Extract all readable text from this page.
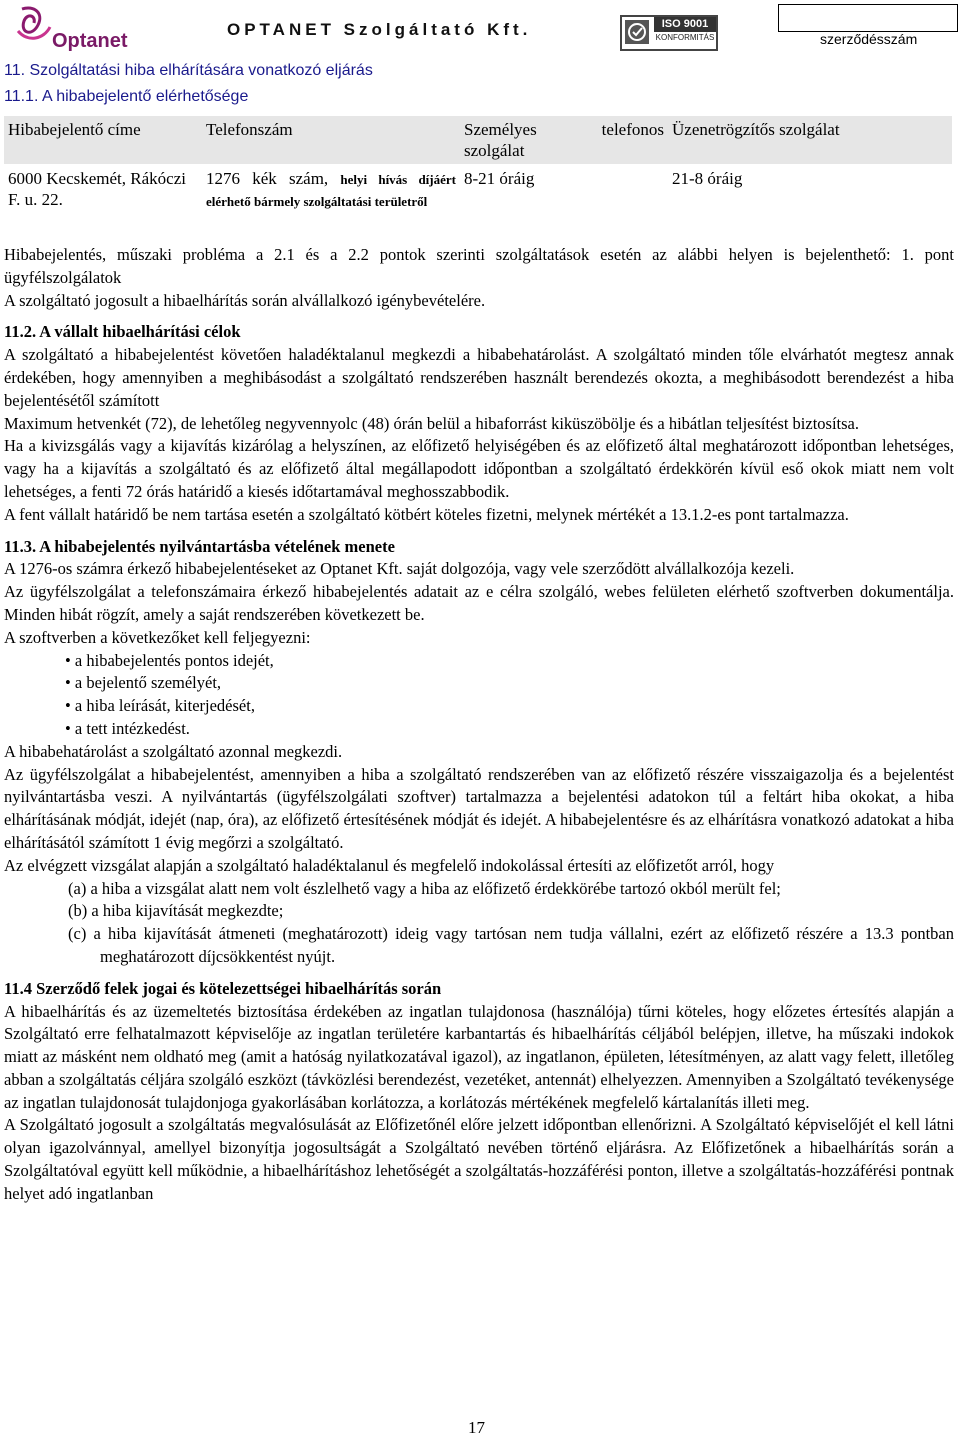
Optanet
OPTANET Szolgáltató Kft.	ISO 9001
KONFORMITÁS	szerződésszám
11. Szolgáltatási hiba elhárítására vonatkozó eljárás
11.1. A hibabejelentő elérhetősége
Hibabejelentő címe	Telefonszám	Személyes telefonos szolgálat	Üzenetrögzítős szolgálat
6000 Kecskemét, Rákóczi F. u. 22.	1276 kék szám, helyi hívás díjáért elérhető bármely szolgáltatási területről	8-21 óráig	21-8 óráig

Hibabejelentés, műszaki probléma a 2.1 és a 2.2 pontok szerinti szolgáltatások esetén az alábbi helyen is bejelenthető: 1. pont ügyfélszolgálatok

A szolgáltató jogosult a hibaelhárítás során alvállalkozó igénybevételére.

11.2. A vállalt hibaelhárítási célok

A szolgáltató a hibabejelentést követően haladéktalanul megkezdi a hibabehatárolást. A szolgáltató minden tőle elvárhatót megtesz annak érdekében, hogy amennyiben a meghibásodást a szolgáltató rendszerében használt berendezés okozta, a meghibásodott berendezést a hiba bejelentésétől számított

Maximum hetvenkét (72), de lehetőleg negyvennyolc (48) órán belül a hibaforrást kiküszöbölje és a hibátlan teljesítést biztosítsa.

Ha a kivizsgálás vagy a kijavítás kizárólag a helyszínen, az előfizető helyiségében és az előfizető által meghatározott időpontban lehetséges, vagy ha a kijavítás a szolgáltató és az előfizető által megállapodott időpontban a szolgáltató érdekkörén kívül eső okok miatt nem volt lehetséges, a fenti 72 órás határidő a kiesés időtartamával meghosszabbodik.

A fent vállalt határidő be nem tartása esetén a szolgáltató kötbért köteles fizetni, melynek mértékét a 13.1.2-es pont tartalmazza.

11.3. A hibabejelentés nyilvántartásba vételének menete

A 1276-os számra érkező hibabejelentéseket az Optanet Kft. saját dolgozója, vagy vele szerződött alvállalkozója kezeli.

Az ügyfélszolgálat a telefonszámaira érkező hibabejelentés adatait az e célra szolgáló, webes felületen elérhető szoftverben dokumentálja. Minden hibát rögzít, amely a saját rendszerében következett be.

A szoftverben a következőket kell feljegyezni:

• a hibabejelentés pontos idejét,
• a bejelentő személyét,
• a hiba leírását, kiterjedését,
• a tett intézkedést.

A hibabehatárolást a szolgáltató azonnal megkezdi.

Az ügyfélszolgálat a hibabejelentést, amennyiben a hiba a szolgáltató rendszerében van az előfizető részére visszaigazolja és a bejelentést nyilvántartásba veszi. A nyilvántartás (ügyfélszolgálati szoftver) tartalmazza a bejelentési adatokon túl a feltárt hiba okokat, a hiba elhárításának módját, idejét (nap, óra), az előfizető értesítésének módját és idejét. A hibabejelentésre és az elhárításra vonatkozó adatokat a hiba elhárításától számított 1 évig megőrzi a szolgáltató.

Az elvégzett vizsgálat alapján a szolgáltató haladéktalanul és megfelelő indokolással értesíti az előfizetőt arról, hogy

(a) a hiba a vizsgálat alatt nem volt észlelhető vagy a hiba az előfizető érdekkörébe tartozó okból merült fel;

(b) a hiba kijavítását megkezdte;

(c) a hiba kijavítását átmeneti (meghatározott) ideig vagy tartósan nem tudja vállalni, ezért az előfizető részére a 13.3 pontban meghatározott díjcsökkentést nyújt.

11.4 Szerződő felek jogai és kötelezettségei hibaelhárítás során

A hibaelhárítás és az üzemeltetés biztosítása érdekében az ingatlan tulajdonosa (használója) tűrni köteles, hogy előzetes értesítés alapján a Szolgáltató erre felhatalmazott képviselője az ingatlan területére karbantartás és hibaelhárítás céljából belépjen, illetve, ha műszaki indokok miatt az másként nem oldható meg (amit a hatóság nyilatkozatával igazol), az ingatlanon, épületen, létesítményen, az alatt vagy felett, illetőleg abban a szolgáltatás céljára szolgáló eszközt (távközlési berendezést, vezetéket, antennát) elhelyezzen. Amennyiben a Szolgáltató tevékenysége az ingatlan tulajdonosát tulajdonjoga gyakorlásában korlátozza, a korlátozás mértékének megfelelő kártalanítás illeti meg.

A Szolgáltató jogosult a szolgáltatás megvalósulását az Előfizetőnél előre jelzett időpontban ellenőrizni. A Szolgáltató képviselőjét el kell látni olyan igazolvánnyal, amellyel bizonyítja jogosultságát a Szolgáltató nevében történő eljárásra. Az Előfizetőnek a hibaelhárítás során a Szolgáltatóval együtt kell működnie, a hibaelhárításhoz lehetőségét a szolgáltatás-hozzáférési ponton, illetve a szolgáltatás-hozzáférési pontnak helyet adó ingatlanban

17
